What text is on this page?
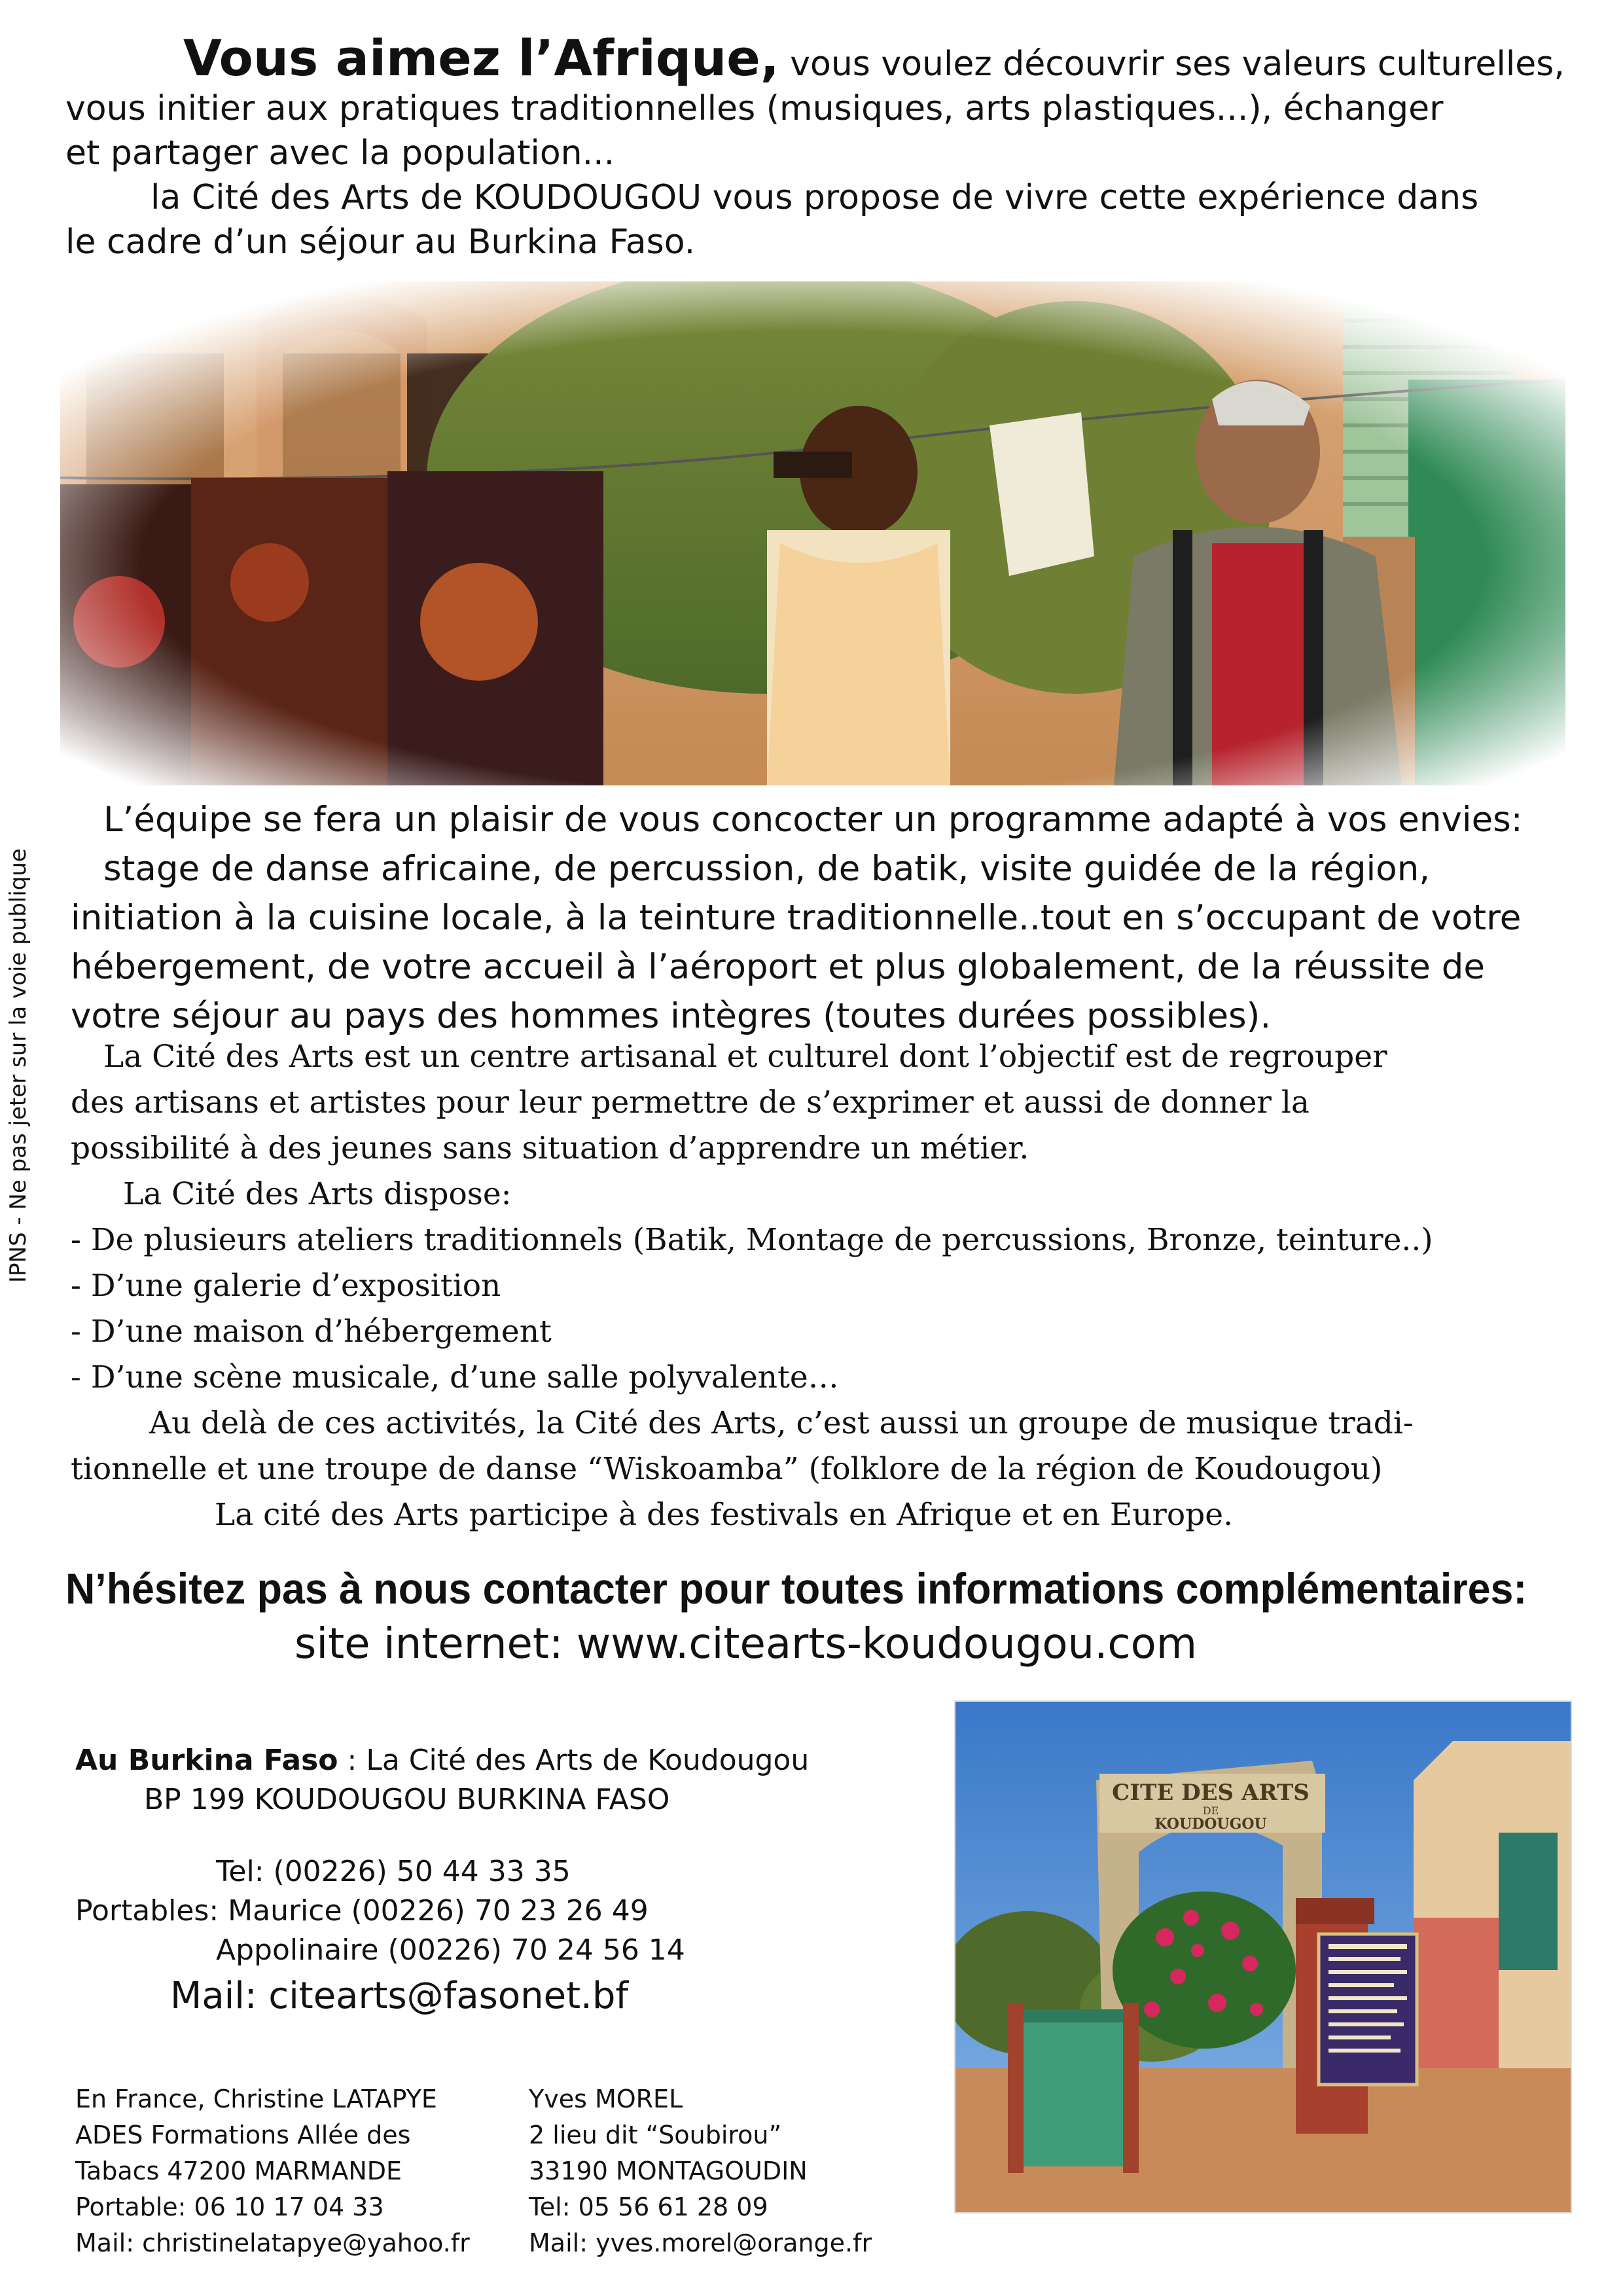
Vous aimez l’Afrique, vous voulez découvrir ses valeurs culturelles,

vous initier aux pratiques traditionnelles (musiques, arts plastiques...), échanger

et partager avec la population...

la Cité des Arts de KOUDOUGOU vous propose de vivre cette expérience dans

le cadre d’un séjour au Burkina Faso.

IPNS - Ne pas jeter sur la voie publique

L’équipe se fera un plaisir de vous concocter un programme adapté à vos envies:

stage de danse africaine, de percussion, de batik, visite guidée de la région,

initiation à la cuisine locale, à la teinture traditionnelle..tout en s’occupant de votre

hébergement, de votre accueil à l’aéroport et plus globalement, de la réussite de

votre séjour au pays des hommes intègres (toutes durées possibles).

La Cité des Arts est un centre artisanal et culturel dont l’objectif est de regrouper

des artisans et artistes pour leur permettre de s’exprimer et aussi de donner la

possibilité à des jeunes sans situation d’apprendre un métier.

La Cité des Arts dispose:

- De plusieurs ateliers traditionnels (Batik, Montage de percussions, Bronze, teinture..)

- D’une galerie d’exposition

- D’une maison d’hébergement

- D’une scène musicale, d’une salle polyvalente…

Au delà de ces activités, la Cité des Arts, c’est aussi un groupe de musique tradi-

tionnelle et une troupe de danse “Wiskoamba” (folklore de la région de Koudougou)

La cité des Arts participe à des festivals en Afrique et en Europe.

N’hésitez pas à nous contacter pour toutes informations complémentaires:

site internet: www.citearts-koudougou.com

Au Burkina Faso : La Cité des Arts de Koudougou

BP 199 KOUDOUGOU BURKINA FASO

Tel: (00226) 50 44 33 35

Portables: Maurice (00226) 70 23 26 49

Appolinaire (00226) 70 24 56 14

Mail: citearts@fasonet.bf

En France, Christine LATAPYE

ADES Formations Allée des

Tabacs 47200 MARMANDE

Portable: 06 10 17 04 33

Mail: christinelatapye@yahoo.fr

Yves MOREL

2 lieu dit “Soubirou”

33190 MONTAGOUDIN

Tel: 05 56 61 28 09

Mail: yves.morel@orange.fr

CITE DES ARTS
DE
KOUDOUGOU
